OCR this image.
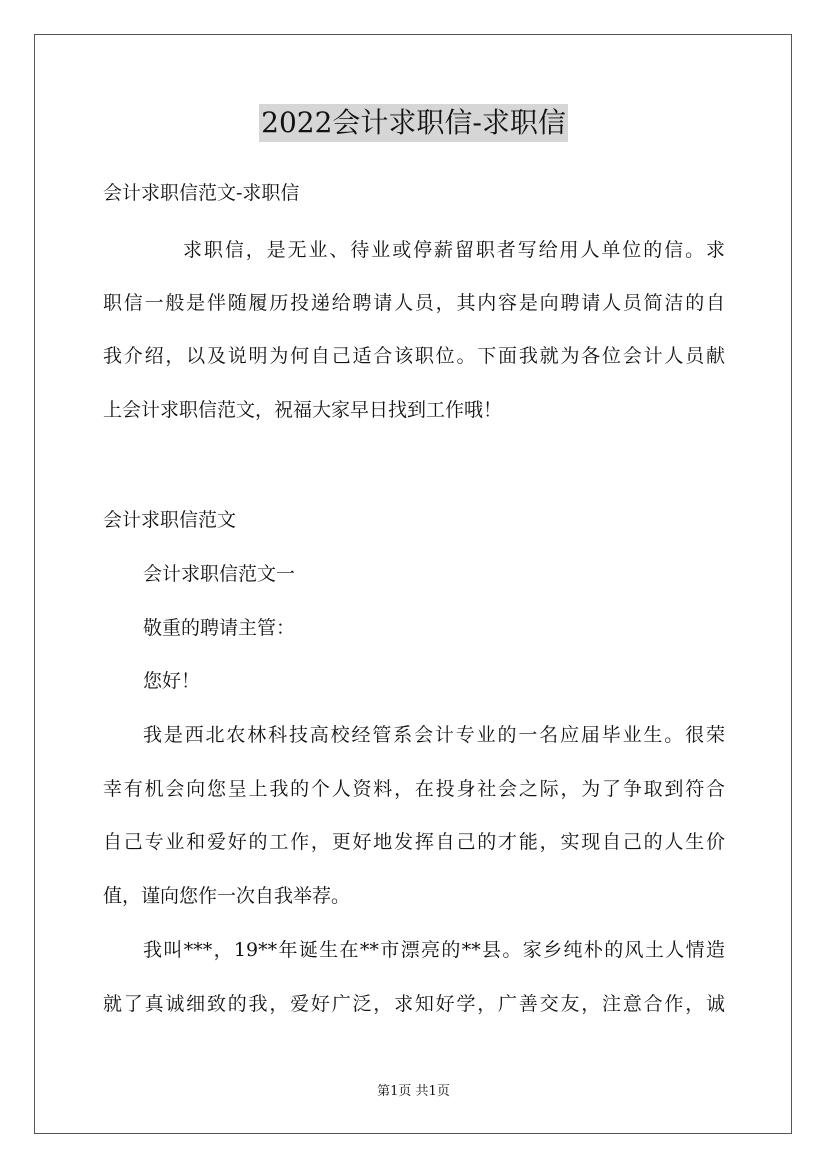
2022会计求职信-求职信
会计求职信范文-求职信
求职信，是无业、待业或停薪留职者写给用人单位的信。求
职信一般是伴随履历投递给聘请人员，其内容是向聘请人员简洁的自
我介绍，以及说明为何自己适合该职位。下面我就为各位会计人员献
上会计求职信范文，祝福大家早日找到工作哦！
会计求职信范文
会计求职信范文一
敬重的聘请主管：
您好！
我是西北农林科技高校经管系会计专业的一名应届毕业生。很荣
幸有机会向您呈上我的个人资料，在投身社会之际，为了争取到符合
自己专业和爱好的工作，更好地发挥自己的才能，实现自己的人生价
值，谨向您作一次自我举荐。
我叫***，19**年诞生在**市漂亮的**县。家乡纯朴的风土人情造
就了真诚细致的我，爱好广泛，求知好学，广善交友，注意合作，诚
第1页 共1页
